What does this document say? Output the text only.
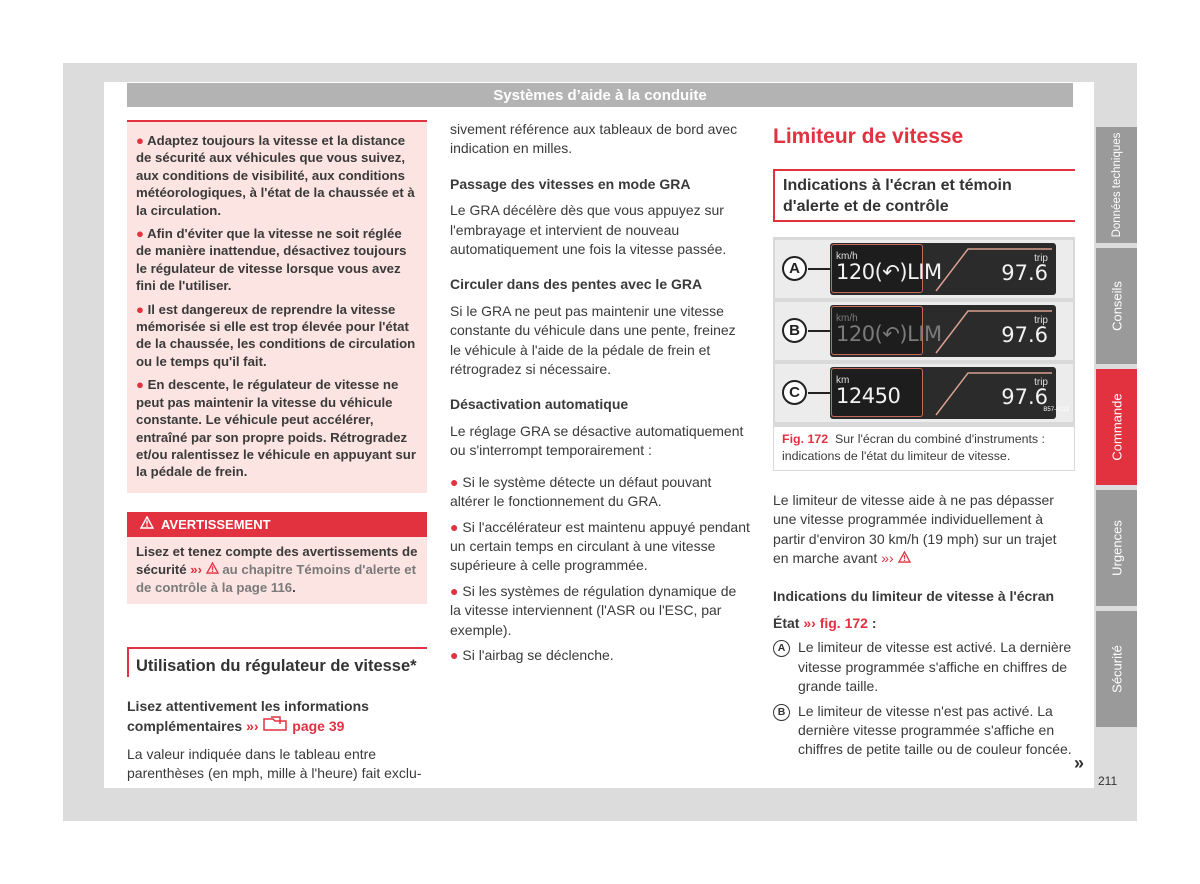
Systèmes d’aide à la conduite

● Adaptez toujours la vitesse et la distance de sécurité aux véhicules que vous suivez, aux conditions de visibilité, aux conditions météorologiques, à l'état de la chaussée et à la circulation.

● Afin d'éviter que la vitesse ne soit réglée de manière inattendue, désactivez toujours le régulateur de vitesse lorsque vous avez fini de l'utiliser.

● Il est dangereux de reprendre la vitesse mémorisée si elle est trop élevée pour l'état de la chaussée, les conditions de circulation ou le temps qu'il fait.

● En descente, le régulateur de vitesse ne peut pas maintenir la vitesse du véhicule constante. Le véhicule peut accélérer, entraîné par son propre poids. Rétrogradez et/ou ralentissez le véhicule en appuyant sur la pédale de frein.

AVERTISSEMENT
Lisez et tenez compte des avertissements de sécurité »› au chapitre Témoins d'alerte et de contrôle à la page 116.
Utilisation du régulateur de vitesse*
Lisez attentivement les informations complémentaires »› page 39

La valeur indiquée dans le tableau entre parenthèses (en mph, mille à l'heure) fait exclu-

sivement référence aux tableaux de bord avec indication en milles.

Passage des vitesses en mode GRA

Le GRA décélère dès que vous appuyez sur l'embrayage et intervient de nouveau automatiquement une fois la vitesse passée.

Circuler dans des pentes avec le GRA

Si le GRA ne peut pas maintenir une vitesse constante du véhicule dans une pente, freinez le véhicule à l'aide de la pédale de frein et rétrogradez si nécessaire.

Désactivation automatique

Le réglage GRA se désactive automatiquement ou s'interrompt temporairement :

● Si le système détecte un défaut pouvant altérer le fonctionnement du GRA.

● Si l'accélérateur est maintenu appuyé pendant un certain temps en circulant à une vitesse supérieure à celle programmée.

● Si les systèmes de régulation dynamique de la vitesse interviennent (l'ASR ou l'ESC, par exemple).

● Si l'airbag se déclenche.

Limiteur de vitesse
Indications à l'écran et témoin d'alerte et de contrôle
A
km/h
120(↶)LIM
trip
97.6
B
km/h
120(↶)LIM
trip
97.6
C
km
12450
trip
97.6
B57-0113
Fig. 172 Sur l'écran du combiné d'instruments : indications de l'état du limiteur de vitesse.

Le limiteur de vitesse aide à ne pas dépasser une vitesse programmée individuellement à partir d'environ 30 km/h (19 mph) sur un trajet en marche avant »›

Indications du limiteur de vitesse à l'écran
État »› fig. 172 :
A Le limiteur de vitesse est activé. La dernière vitesse programmée s'affiche en chiffres de grande taille.
B Le limiteur de vitesse n'est pas activé. La dernière vitesse programmée s'affiche en chiffres de petite taille ou de couleur foncée.
»
Données techniques
Conseils
Commande
Urgences
Sécurité
211
